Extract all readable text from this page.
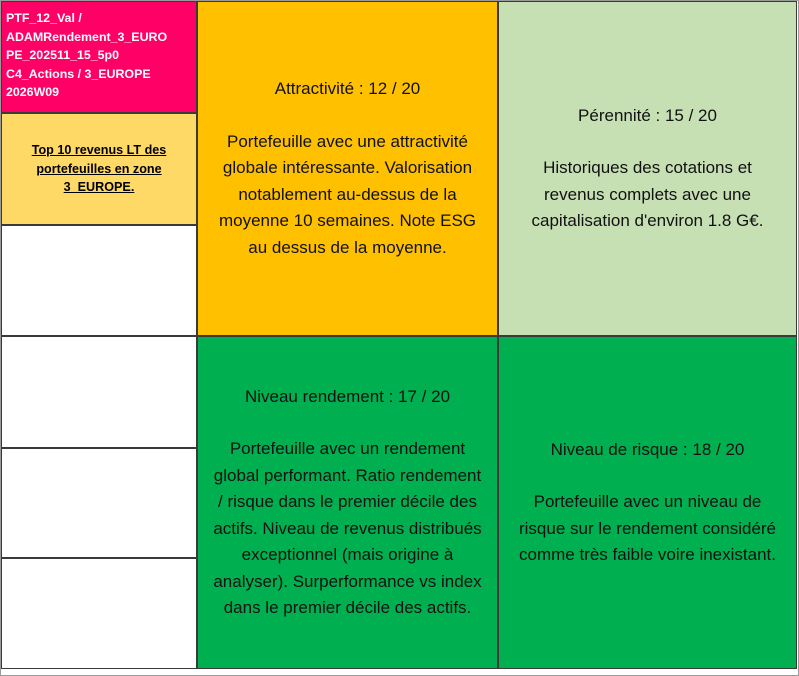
PTF_12_Val /
ADAMRendement_3_EURO
PE_202511_15_5p0
C4_Actions / 3_EUROPE
2026W09
Top 10 revenus LT des portefeuilles en zone 3_EUROPE.
Attractivité : 12 / 20
Portefeuille avec une attractivité globale intéressante. Valorisation notablement au-dessus de la moyenne 10 semaines. Note ESG au dessus de la moyenne.
Pérennité : 15 / 20
Historiques des cotations et revenus complets avec une capitalisation d'environ 1.8 G€.
Niveau rendement : 17 / 20
Portefeuille avec un rendement global performant. Ratio rendement / risque dans le premier décile des actifs. Niveau de revenus distribués exceptionnel (mais origine à analyser). Surperformance vs index dans le premier décile des actifs.
Niveau de risque : 18 / 20
Portefeuille avec un niveau de risque sur le rendement considéré comme très faible voire inexistant.
